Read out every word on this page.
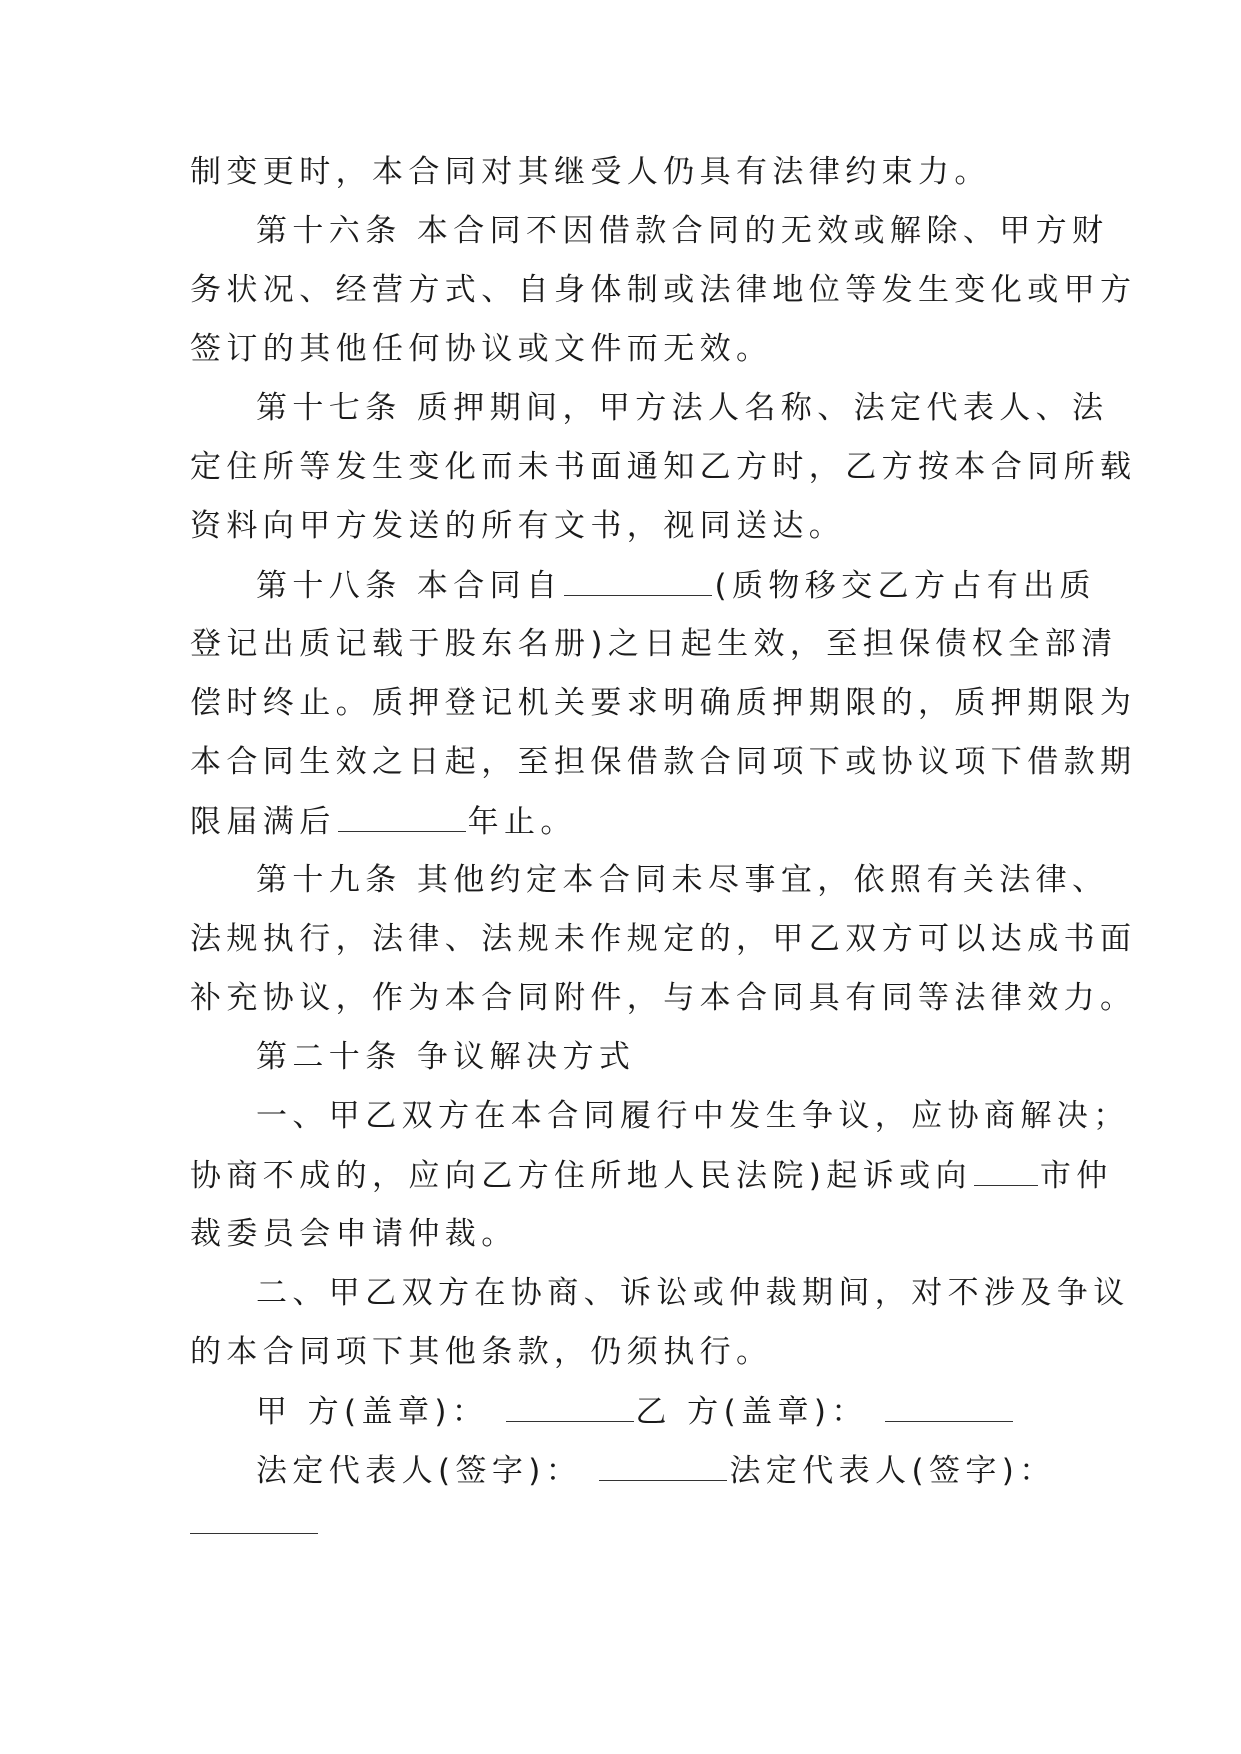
制变更时，本合同对其继受人仍具有法律约束力。
第十六条 本合同不因借款合同的无效或解除、甲方财
务状况、经营方式、自身体制或法律地位等发生变化或甲方
签订的其他任何协议或文件而无效。
第十七条 质押期间，甲方法人名称、法定代表人、法
定住所等发生变化而未书面通知乙方时，乙方按本合同所载
资料向甲方发送的所有文书，视同送达。
第十八条 本合同自	(质物移交乙方占有出质
登记出质记载于股东名册)之日起生效，至担保债权全部清
偿时终止。质押登记机关要求明确质押期限的，质押期限为
本合同生效之日起，至担保借款合同项下或协议项下借款期
限届满后	年止。
第十九条 其他约定本合同未尽事宜，依照有关法律、
法规执行，法律、法规未作规定的，甲乙双方可以达成书面
补充协议，作为本合同附件，与本合同具有同等法律效力。
第二十条 争议解决方式
一、甲乙双方在本合同履行中发生争议，应协商解决；
协商不成的，应向乙方住所地人民法院)起诉或向 市仲
裁委员会申请仲裁。
二、甲乙双方在协商、诉讼或仲裁期间，对不涉及争议
的本合同项下其他条款，仍须执行。
甲 方(盖章)：	乙 方(盖章)：
法定代表人(签字)：	法定代表人(签字)：
